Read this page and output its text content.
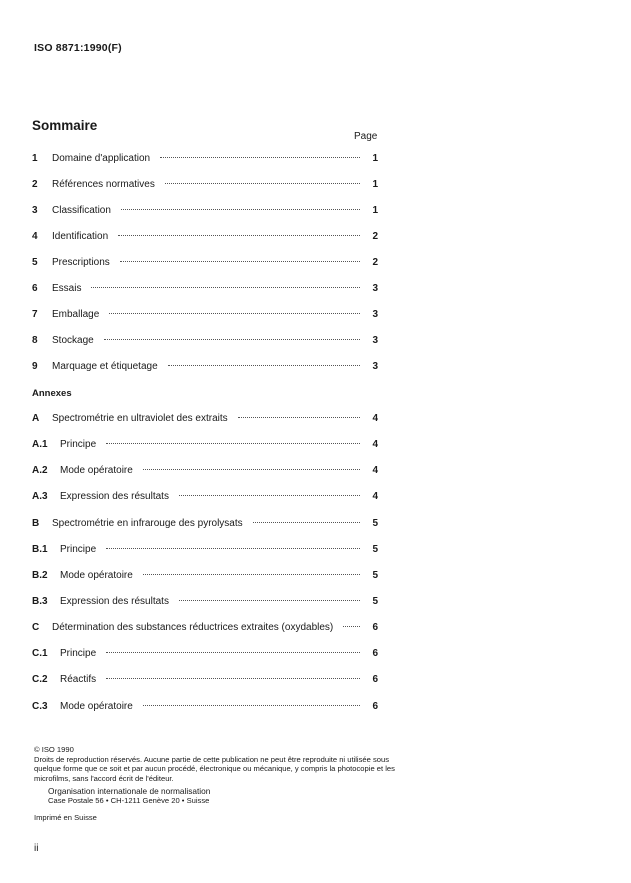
ISO 8871:1990(F)
Sommaire
Page
1	Domaine d'application	1
2	Références normatives	1
3	Classification	1
4	Identification	2
5	Prescriptions	2
6	Essais	3
7	Emballage	3
8	Stockage	3
9	Marquage et étiquetage	3
A	Spectrométrie en ultraviolet des extraits	4
A.1	Principe	4
A.2	Mode opératoire	4
A.3	Expression des résultats	4
B	Spectrométrie en infrarouge des pyrolysats	5
B.1	Principe	5
B.2	Mode opératoire	5
B.3	Expression des résultats	5
C	Détermination des substances réductrices extraites (oxydables)	6
C.1	Principe	6
C.2	Réactifs	6
C.3	Mode opératoire	6
Annexes
© ISO 1990
Droits de reproduction réservés. Aucune partie de cette publication ne peut être reproduite ni utilisée sous quelque forme que ce soit et par aucun procédé, électronique ou mécanique, y compris la photocopie et les microfilms, sans l'accord écrit de l'éditeur.
Organisation internationale de normalisation
Case Postale 56 • CH-1211 Genève 20 • Suisse
Imprimé en Suisse
ii
